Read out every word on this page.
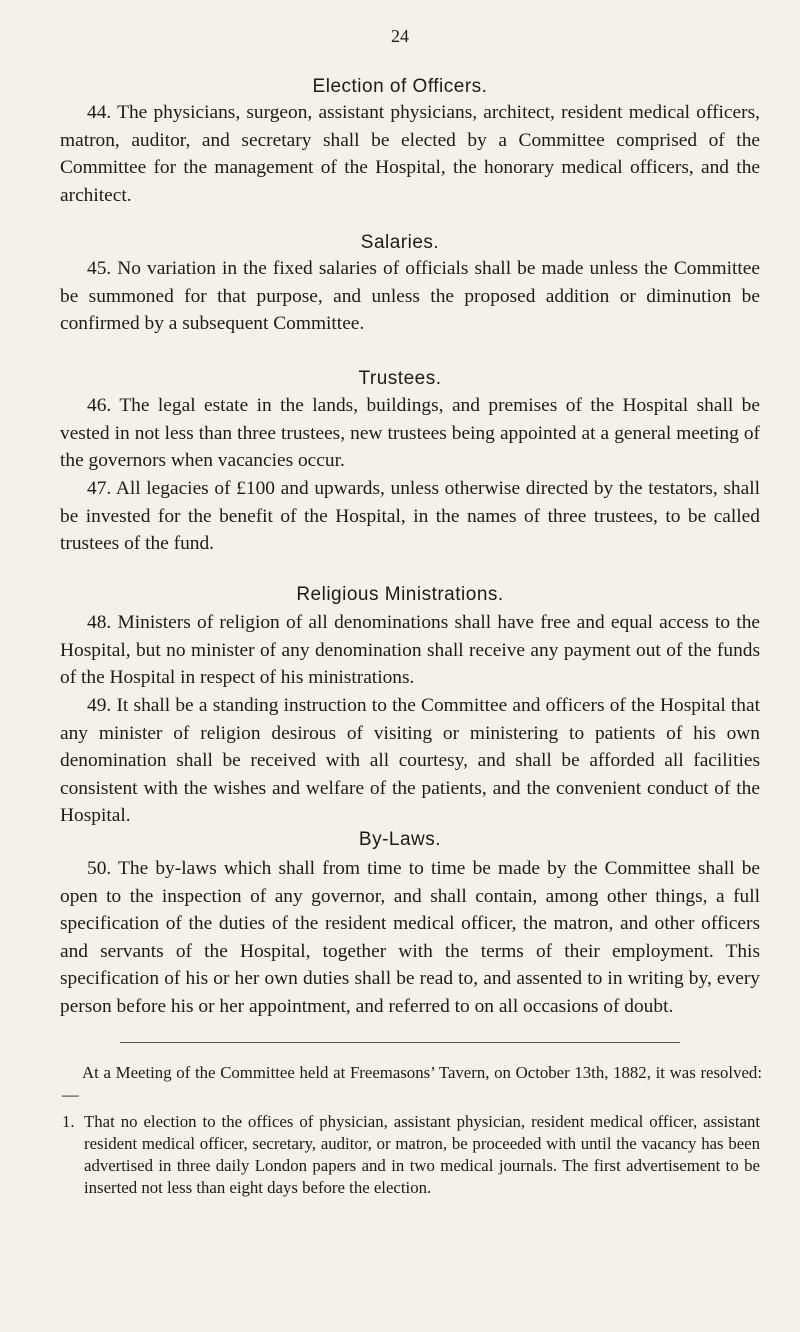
24
Election of Officers.

44. The physicians, surgeon, assistant physicians, architect, resident medical officers, matron, auditor, and secretary shall be elected by a Committee comprised of the Committee for the management of the Hospital, the honorary medical officers, and the architect.

Salaries.

45. No variation in the fixed salaries of officials shall be made unless the Committee be summoned for that purpose, and unless the proposed addition or diminution be confirmed by a subsequent Committee.

Trustees.

46. The legal estate in the lands, buildings, and premises of the Hospital shall be vested in not less than three trustees, new trustees being appointed at a general meeting of the governors when vacancies occur.

47. All legacies of £100 and upwards, unless otherwise directed by the testators, shall be invested for the benefit of the Hospital, in the names of three trustees, to be called trustees of the fund.

Religious Ministrations.

48. Ministers of religion of all denominations shall have free and equal access to the Hospital, but no minister of any denomination shall receive any payment out of the funds of the Hospital in respect of his ministrations.

49. It shall be a standing instruction to the Committee and officers of the Hospital that any minister of religion desirous of visiting or ministering to patients of his own denomination shall be received with all courtesy, and shall be afforded all facilities consistent with the wishes and welfare of the patients, and the convenient conduct of the Hospital.

By-Laws.

50. The by-laws which shall from time to time be made by the Committee shall be open to the inspection of any governor, and shall contain, among other things, a full specification of the duties of the resident medical officer, the matron, and other officers and servants of the Hospital, together with the terms of their employment. This specification of his or her own duties shall be read to, and assented to in writing by, every person before his or her appointment, and referred to on all occasions of doubt.

At a Meeting of the Committee held at Freemasons’ Tavern, on October 13th, 1882, it was resolved:—

1. That no election to the offices of physician, assistant physician, resident medical officer, assistant resident medical officer, secretary, auditor, or matron, be proceeded with until the vacancy has been advertised in three daily London papers and in two medical journals. The first advertisement to be inserted not less than eight days before the election.
